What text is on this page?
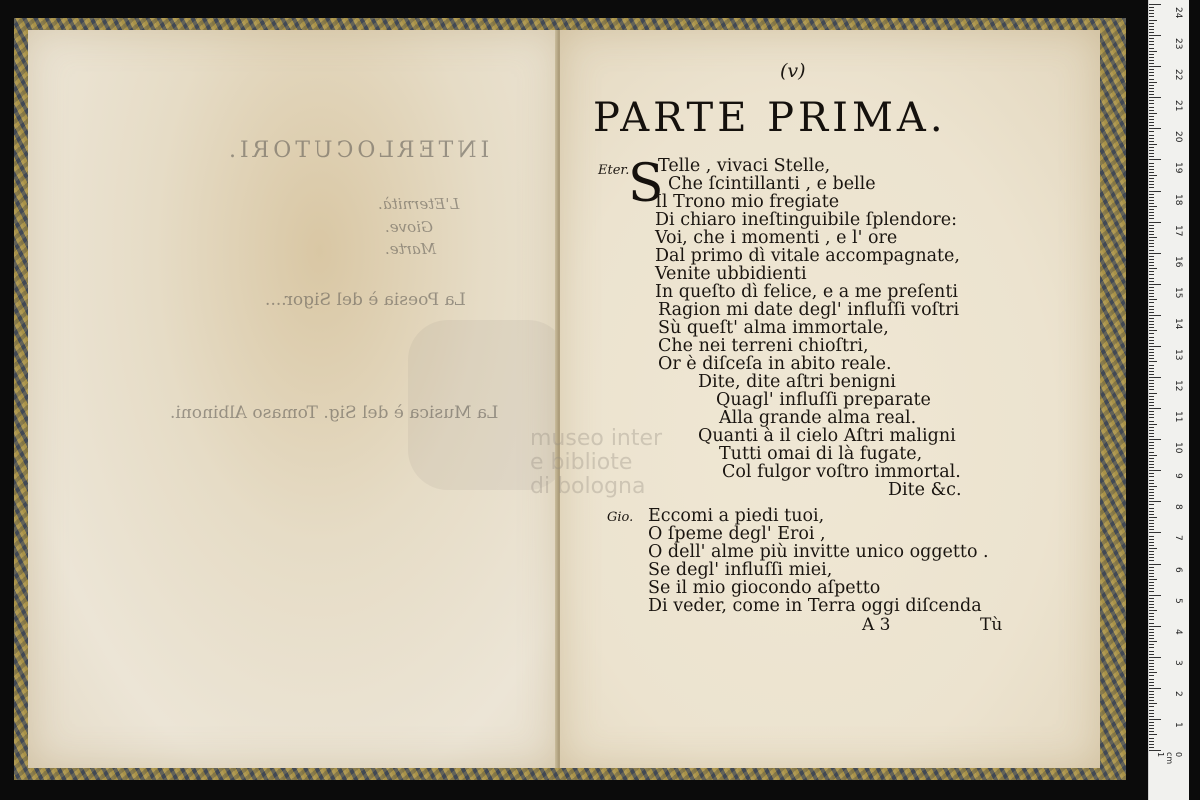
INTERLOCUTORI.
L'Eternità.
Giove.
Marte.
La Poesia è del Sigor....
La Musica è del Sig. Tomaso Albinoni.
(v)
PARTE PRIMA.
Eter.
S
Telle , vivaci Stelle,
Che ſcintillanti , e belle
Il Trono mio fregiate
Di chiaro ineſtinguibile ſplendore:
Voi, che i momenti , e l' ore
Dal primo dì vitale accompagnate,
Venite ubbidienti
In queſto dì felice, e a me preſenti
Ragion mi date degl' influſſi voſtri
Sù queſt' alma immortale,
Che nei terreni chioſtri,
Or è diſceſa in abito reale.
Dite, dite aſtri benigni
Quagl' influſſi preparate
Alla grande alma real.
Quanti à il cielo Aſtri maligni
Tutti omai di là fugate,
Col fulgor voſtro immortal.
Dite &c.
Gio. Eccomi a piedi tuoi,
O ſpeme degl' Eroi ,
O dell' alme più invitte unico oggetto .
Se degl' influſſi miei,
Se il mio giocondo aſpetto
Di veder, come in Terra oggi diſcenda
A 3	Tù
museo inter
e bibliote
di bologna
24
23
22
21
20
19
18
17
16
15
14
13
12
11
10
9
8
7
6
5
4
3
2
1
0 cm 1
